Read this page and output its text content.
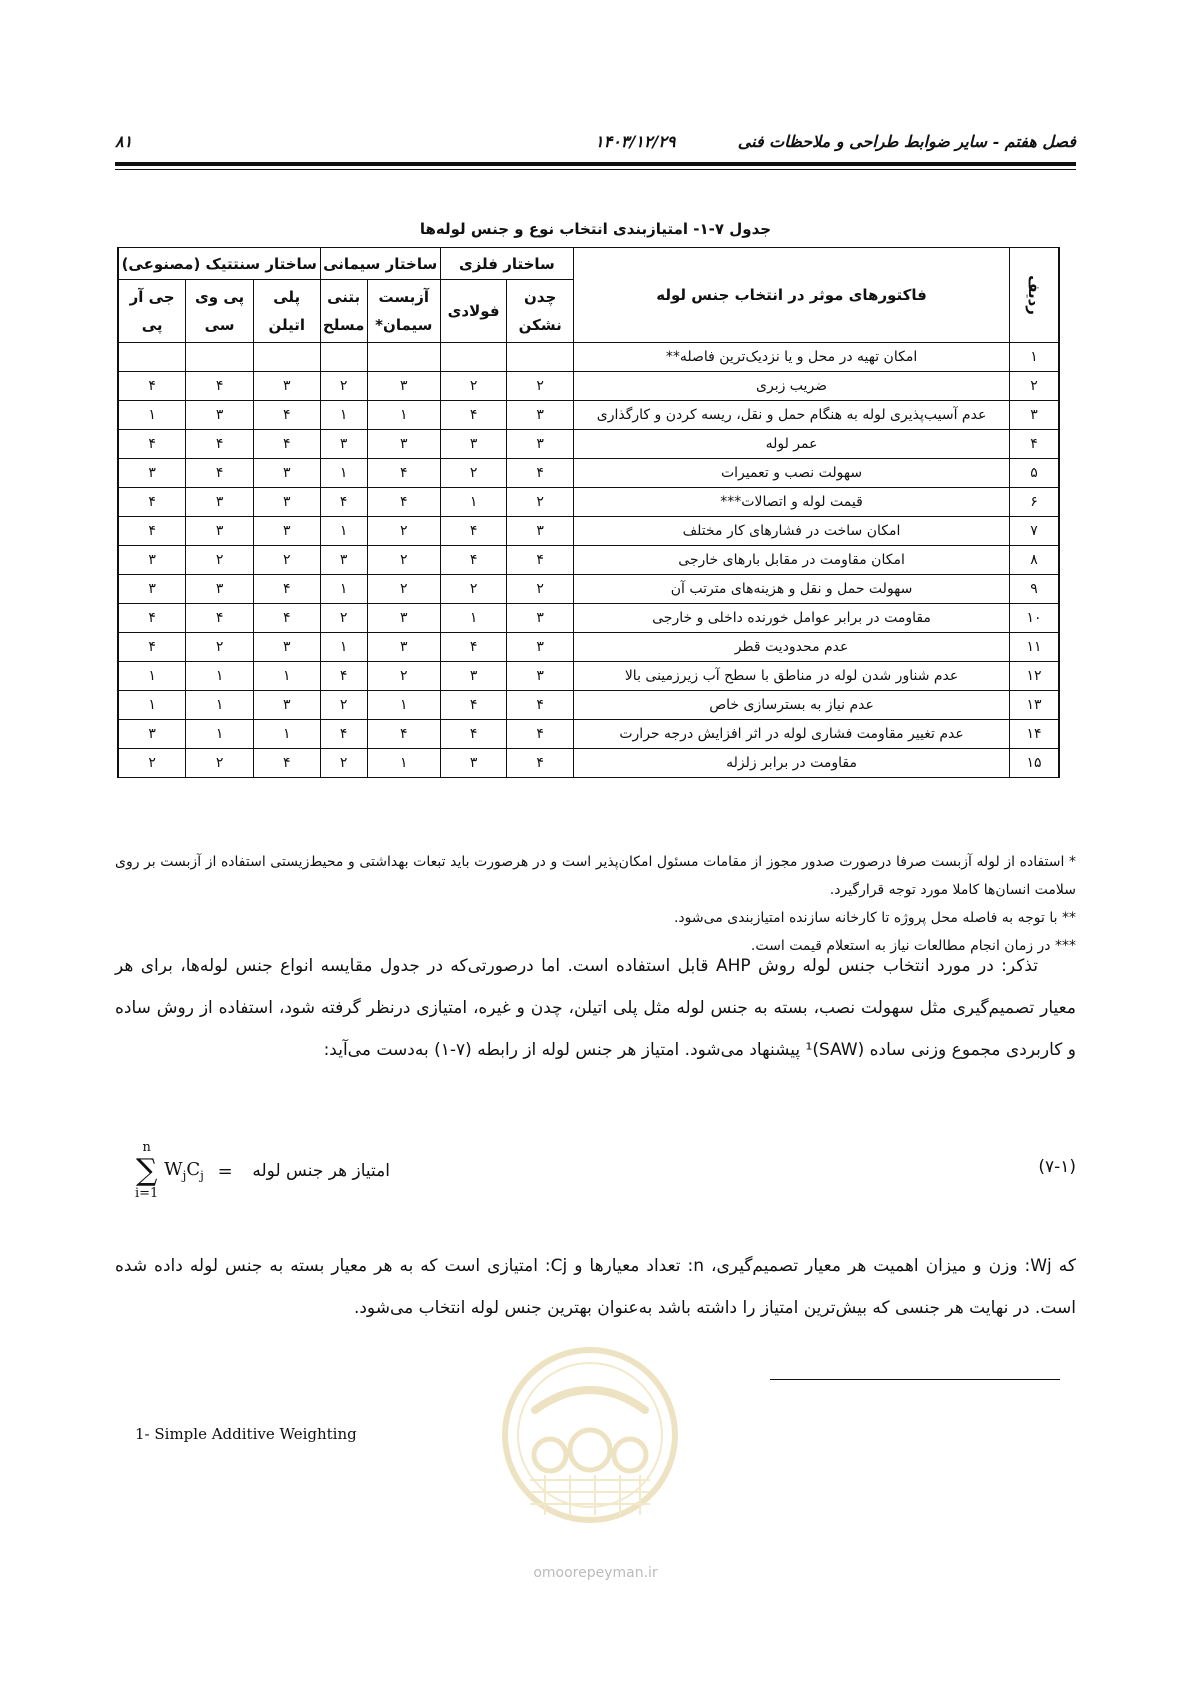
فصل هفتم - سایر ضوابط طراحی و ملاحظات فنی
۱۴۰۳/۱۲/۲۹
۸۱
جدول ۷-۱- امتیازبندی انتخاب نوع و جنس لوله‌ها
ردیف	فاکتورهای موثر در انتخاب جنس لوله	ساختار فلزی		ساختار سیمانی		ساختار سنتتیک (مصنوعی)		
		چدن نشکن	فولادی	آزبست سیمان*	بتنی مسلح	پلی اتیلن	پی وی سی	جی آر پی
۱	امکان تهیه در محل و یا نزدیک‌ترین فاصله**							
۲	ضریب زبری	۲	۲	۳	۲	۳	۴	۴
۳	عدم آسیب‌پذیری لوله به هنگام حمل و نقل، ریسه کردن و کارگذاری	۳	۴	۱	۱	۴	۳	۱
۴	عمر لوله	۳	۳	۳	۳	۴	۴	۴
۵	سهولت نصب و تعمیرات	۴	۲	۴	۱	۳	۴	۳
۶	قیمت لوله و اتصالات***	۲	۱	۴	۴	۳	۳	۴
۷	امکان ساخت در فشارهای کار مختلف	۳	۴	۲	۱	۳	۳	۴
۸	امکان مقاومت در مقابل بارهای خارجی	۴	۴	۲	۳	۲	۲	۳
۹	سهولت حمل و نقل و هزینه‌های مترتب آن	۲	۲	۲	۱	۴	۳	۳
۱۰	مقاومت در برابر عوامل خورنده داخلی و خارجی	۳	۱	۳	۲	۴	۴	۴
۱۱	عدم محدودیت قطر	۳	۴	۳	۱	۳	۲	۴
۱۲	عدم شناور شدن لوله در مناطق با سطح آب زیرزمینی بالا	۳	۳	۲	۴	۱	۱	۱
۱۳	عدم نیاز به بسترسازی خاص	۴	۴	۱	۲	۳	۱	۱
۱۴	عدم تغییر مقاومت فشاری لوله در اثر افزایش درجه حرارت	۴	۴	۴	۴	۱	۱	۳
۱۵	مقاومت در برابر زلزله	۴	۳	۱	۲	۴	۲	۲

* استفاده از لوله آزبست صرفا درصورت صدور مجوز از مقامات مسئول امکان‌پذیر است و در هرصورت باید تبعات بهداشتی و محیط‌زیستی استفاده از آزبست بر روی سلامت انسان‌ها کاملا مورد توجه قرارگیرد.

** با توجه به فاصله محل پروژه تا کارخانه سازنده امتیازبندی می‌شود.

*** در زمان انجام مطالعات نیاز به استعلام قیمت است.

تذکر: در مورد انتخاب جنس لوله روش AHP قابل استفاده است. اما درصورتی‌که در جدول مقایسه انواع جنس لوله‌ها، برای هر معیار تصمیم‌گیری مثل سهولت نصب، بسته به جنس لوله مثل پلی اتیلن، چدن و غیره، امتیازی درنظر گرفته شود، استفاده از روش ساده و کاربردی مجموع وزنی ساده (SAW)¹ پیشنهاد می‌شود. امتیاز هر جنس لوله از رابطه (۷-۱) به‌دست می‌آید:

(۷-۱)
n
∑
i=1
$W_jC_j$ = امتیاز هر جنس لوله

که Wj: وزن و میزان اهمیت هر معیار تصمیم‌گیری، n: تعداد معیارها و Cj: امتیازی است که به هر معیار بسته به جنس لوله داده شده است. در نهایت هر جنسی که بیش‌ترین امتیاز را داشته باشد به‌عنوان بهترین جنس لوله انتخاب می‌شود.

1- Simple Additive Weighting
omoorepeyman.ir
